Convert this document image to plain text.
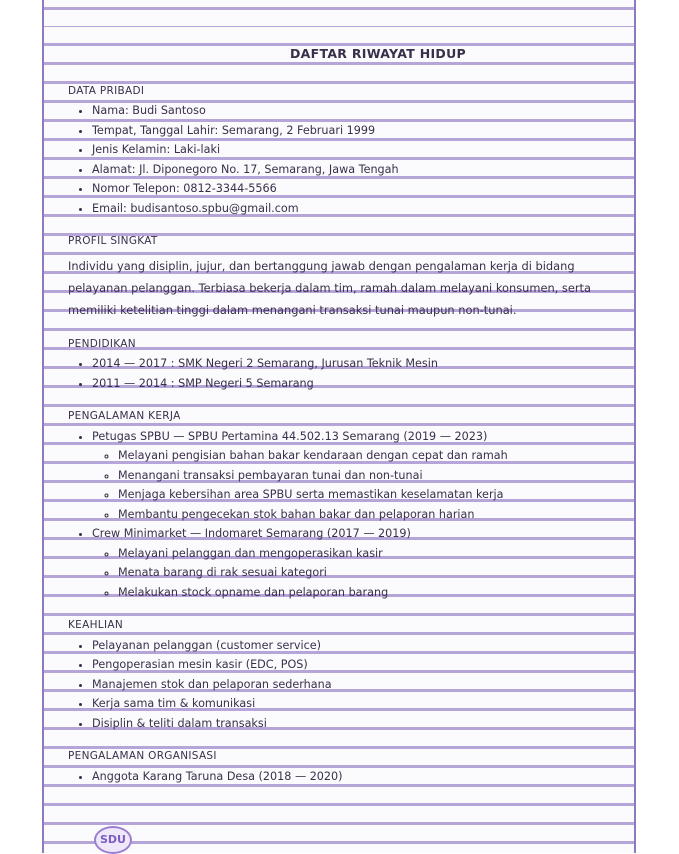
DAFTAR RIWAYAT HIDUP
DATA PRIBADI
• Nama: Budi Santoso
• Tempat, Tanggal Lahir: Semarang, 2 Februari 1999
• Jenis Kelamin: Laki-laki
• Alamat: Jl. Diponegoro No. 17, Semarang, Jawa Tengah
• Nomor Telepon: 0812-3344-5566
• Email: budisantoso.spbu@gmail.com
PROFIL SINGKAT

Individu yang disiplin, jujur, dan bertanggung jawab dengan pengalaman kerja di bidang pelayanan pelanggan. Terbiasa bekerja dalam tim, ramah dalam melayani konsumen, serta memiliki ketelitian tinggi dalam menangani transaksi tunai maupun non-tunai.

PENDIDIKAN
• 2014 — 2017 : SMK Negeri 2 Semarang, Jurusan Teknik Mesin
• 2011 — 2014 : SMP Negeri 5 Semarang
PENGALAMAN KERJA
• Petugas SPBU — SPBU Pertamina 44.502.13 Semarang (2019 — 2023)
◦ Melayani pengisian bahan bakar kendaraan dengan cepat dan ramah
◦ Menangani transaksi pembayaran tunai dan non-tunai
◦ Menjaga kebersihan area SPBU serta memastikan keselamatan kerja
◦ Membantu pengecekan stok bahan bakar dan pelaporan harian
• Crew Minimarket — Indomaret Semarang (2017 — 2019)
◦ Melayani pelanggan dan mengoperasikan kasir
◦ Menata barang di rak sesuai kategori
◦ Melakukan stock opname dan pelaporan barang
KEAHLIAN
• Pelayanan pelanggan (customer service)
• Pengoperasian mesin kasir (EDC, POS)
• Manajemen stok dan pelaporan sederhana
• Kerja sama tim & komunikasi
• Disiplin & teliti dalam transaksi
PENGALAMAN ORGANISASI
• Anggota Karang Taruna Desa (2018 — 2020)
SDU
